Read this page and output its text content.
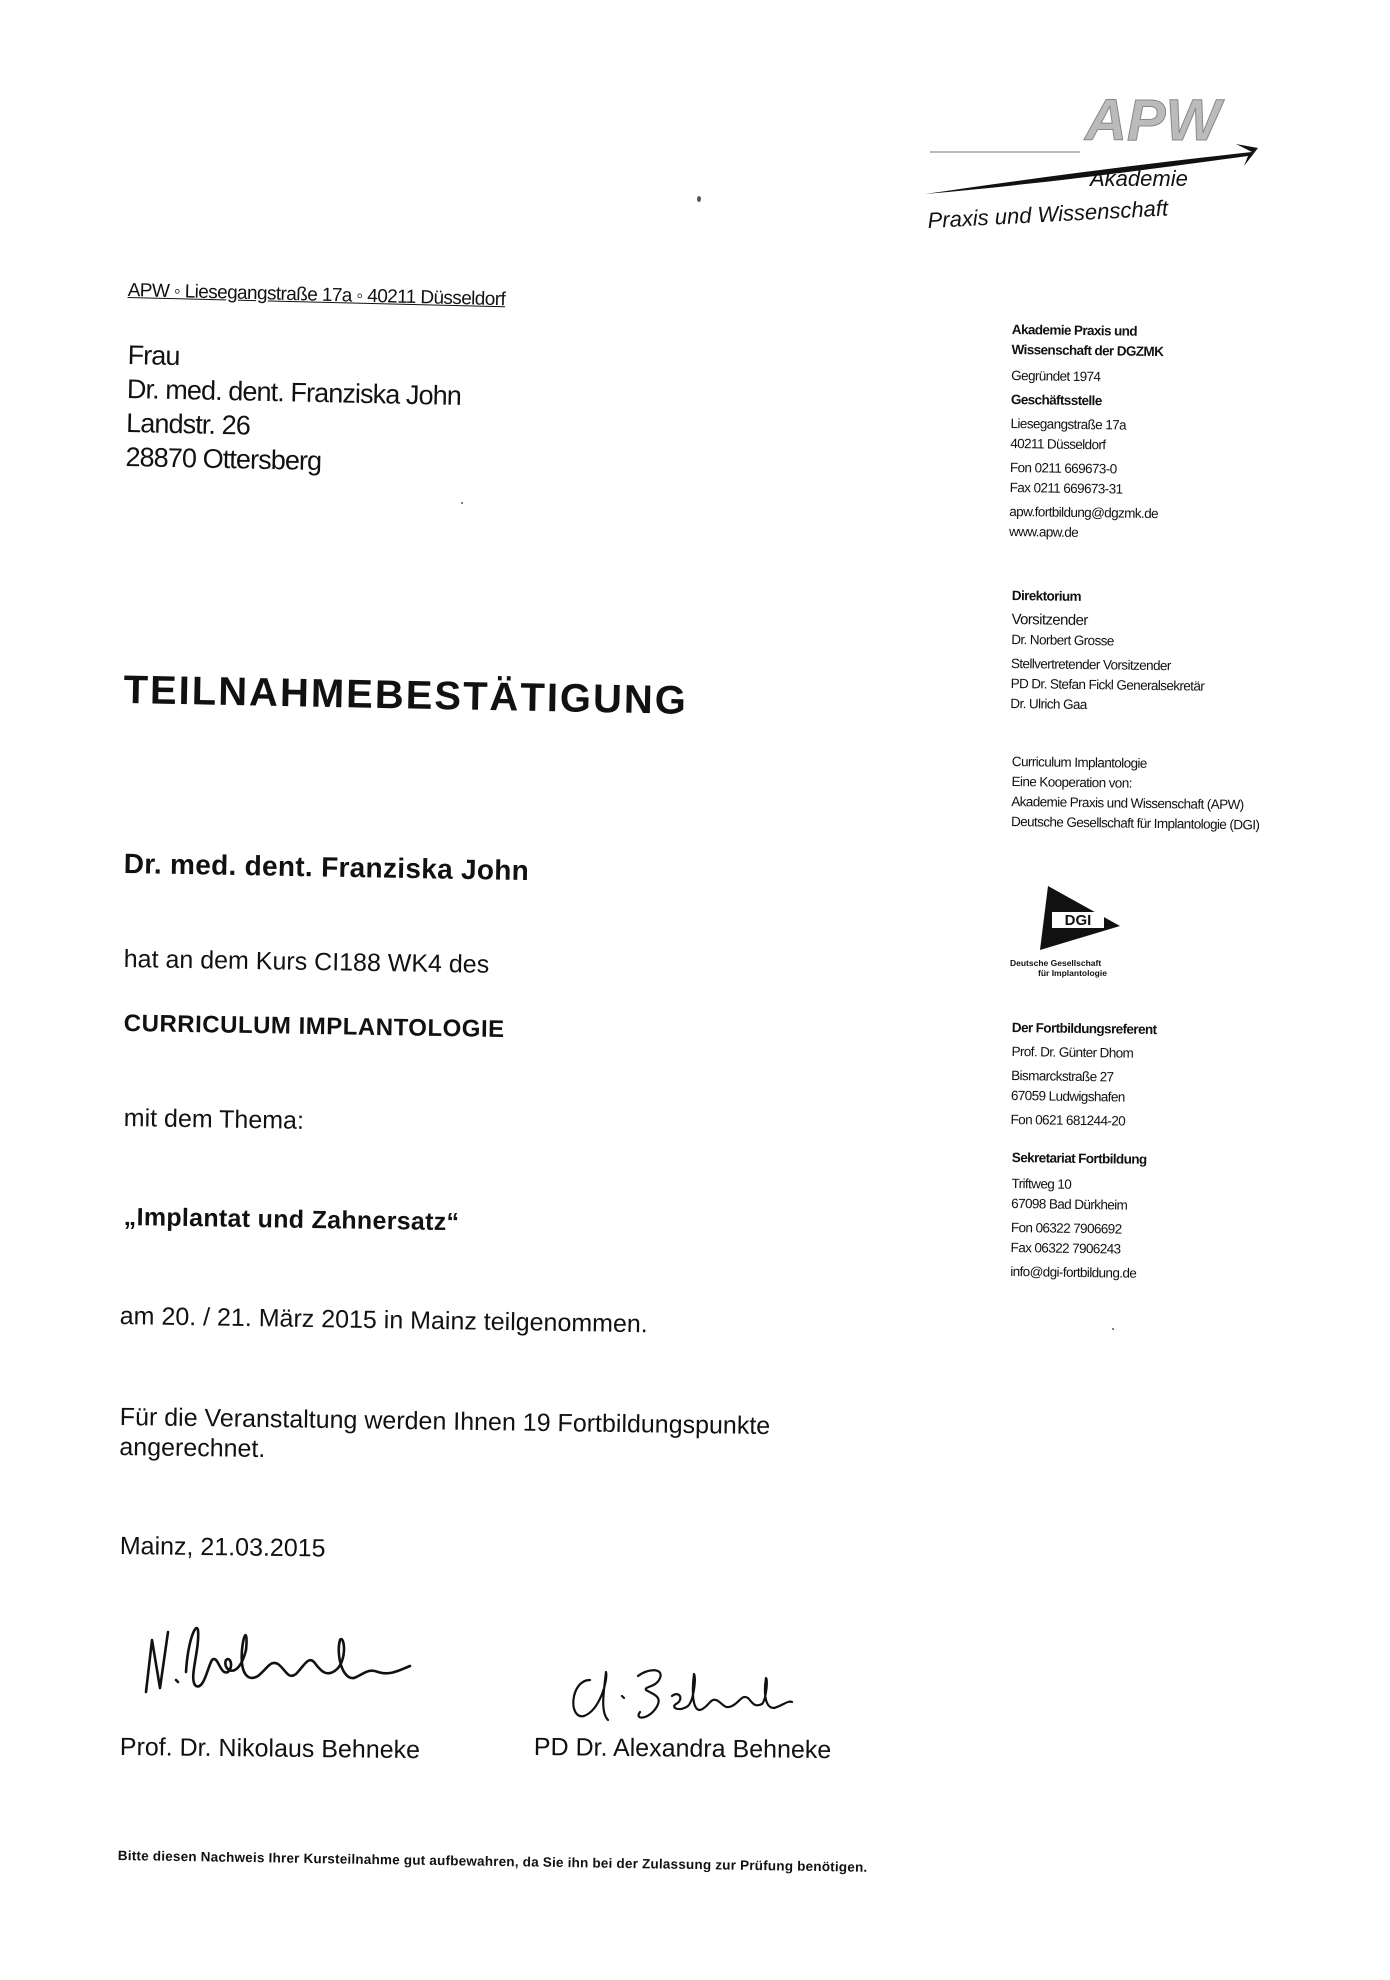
APW
Akademie
Praxis und Wissenschaft
APW ◦ Liesegangstraße 17a ◦ 40211 Düsseldorf
Frau
Dr. med. dent. Franziska John
Landstr. 26
28870 Ottersberg
Akademie Praxis und
Wissenschaft der DGZMK
Gegründet 1974
Geschäftsstelle
Liesegangstraße 17a
40211 Düsseldorf
Fon 0211 669673-0
Fax 0211 669673-31
apw.fortbildung@dgzmk.de
www.apw.de
Direktorium
Vorsitzender
Dr. Norbert Grosse
Stellvertretender Vorsitzender
PD Dr. Stefan Fickl Generalsekretär
Dr. Ulrich Gaa
Curriculum Implantologie
Eine Kooperation von:
Akademie Praxis und Wissenschaft (APW)
Deutsche Gesellschaft für Implantologie (DGI)
DGI
Deutsche Gesellschaft
für Implantologie
Der Fortbildungsreferent
Prof. Dr. Günter Dhom
Bismarckstraße 27
67059 Ludwigshafen
Fon 0621 681244-20
Sekretariat Fortbildung
Triftweg 10
67098 Bad Dürkheim
Fon 06322 7906692
Fax 06322 7906243
info@dgi-fortbildung.de
TEILNAHMEBESTÄTIGUNG
Dr. med. dent. Franziska John
hat an dem Kurs CI188 WK4 des
CURRICULUM IMPLANTOLOGIE
mit dem Thema:
„Implantat und Zahnersatz“
am 20. / 21. März 2015 in Mainz teilgenommen.
Für die Veranstaltung werden Ihnen 19 Fortbildungspunkte
angerechnet.
Mainz, 21.03.2015
Prof. Dr. Nikolaus Behneke	PD Dr. Alexandra Behneke
Bitte diesen Nachweis Ihrer Kursteilnahme gut aufbewahren, da Sie ihn bei der Zulassung zur Prüfung benötigen.
